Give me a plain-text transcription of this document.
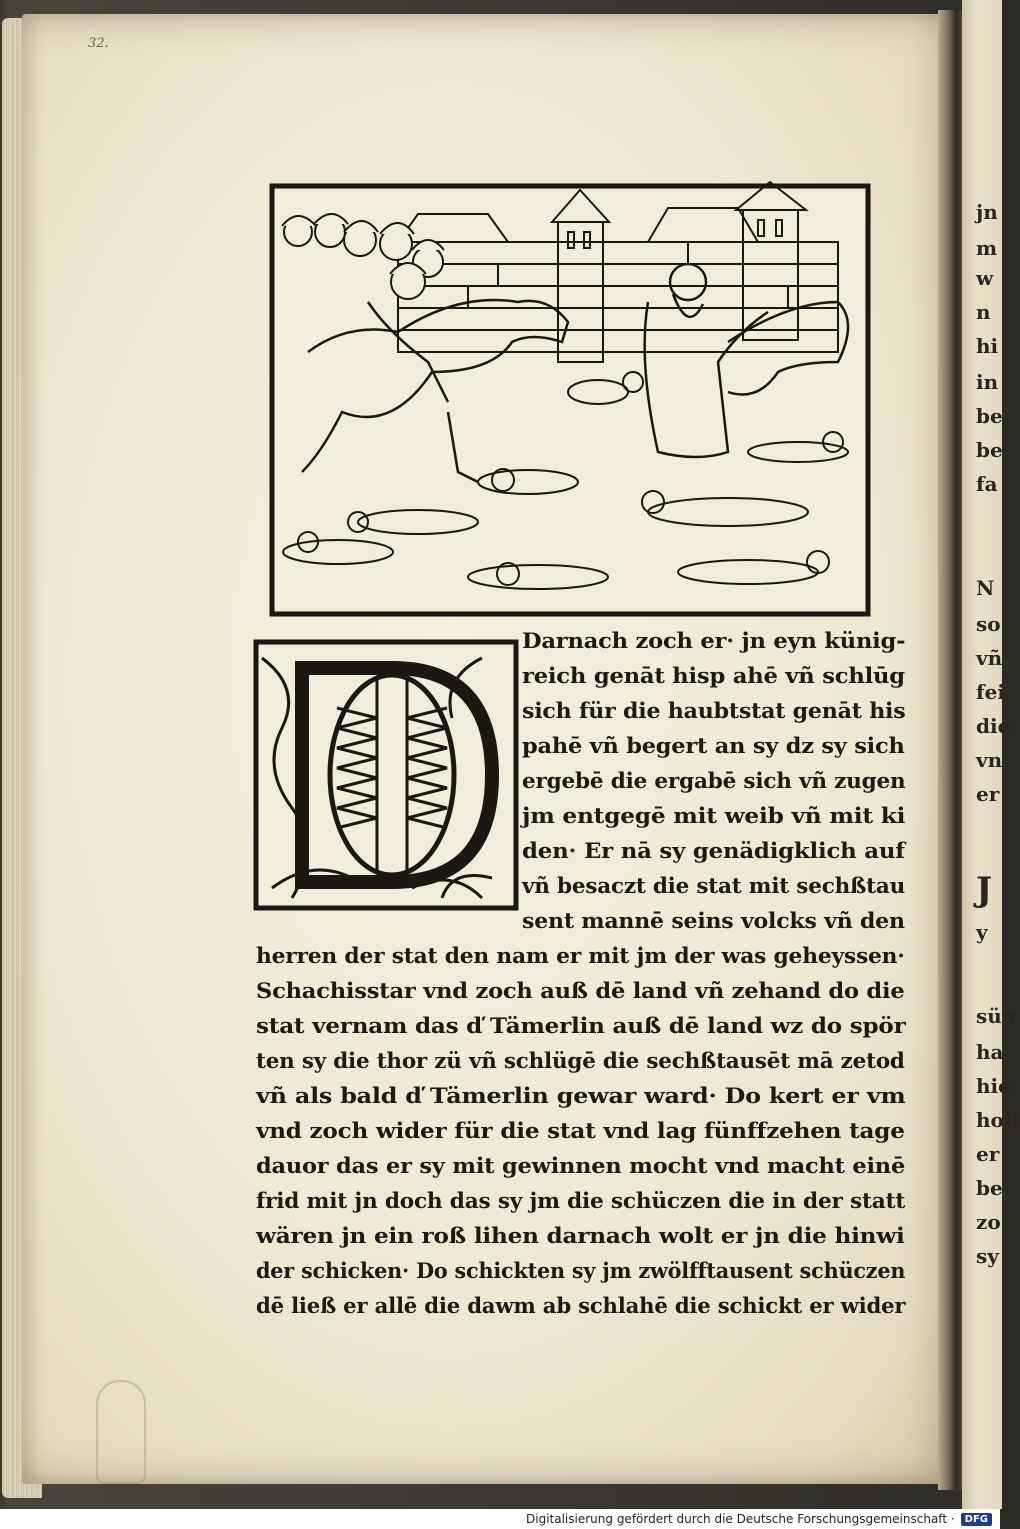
32.
Darnach zoch er· jn eyn künig-
reich genāt hisp ahē vñ schlūg
sich für die haubtstat genāt his
pahē vñ begert an sy dz sy sich
ergebē die ergabē sich vñ zugen
jm entgegē mit weib vñ mit ki
den· Er nā sy genädigklich auf
vñ besaczt die stat mit sechßtau
sent mannē seins volcks vñ den
herren der stat den nam er mit jm der was geheyssen·
Schachisstar vnd zoch auß dē land vñ zehand do die
stat vernam das ď Tämerlin auß dē land wz do spör
ten sy die thor zü vñ schlügē die sechßtausēt mā zetod
vñ als bald ď Tämerlin gewar ward· Do kert er vm
vnd zoch wider für die stat vnd lag fünffzehen tage
dauor das er sy mit gewinnen mocht vnd macht einē
frid mit jn doch das sy jm die schüczen die in der statt
wären jn ein roß lihen darnach wolt er jn die hinwi
der schicken· Do schickten sy jm zwölfftausent schüczen
dē ließ er allē die dawm ab schlahē die schickt er wider
jn
m
w
n
hi
in
be
be
fa
N
so
vñ
fei
die
vn
er
J
y
sün
ha
hie
hoff
er
be
zo
sy
Digitalisierung gefördert durch die Deutsche Forschungsgemeinschaft ·	DFG
